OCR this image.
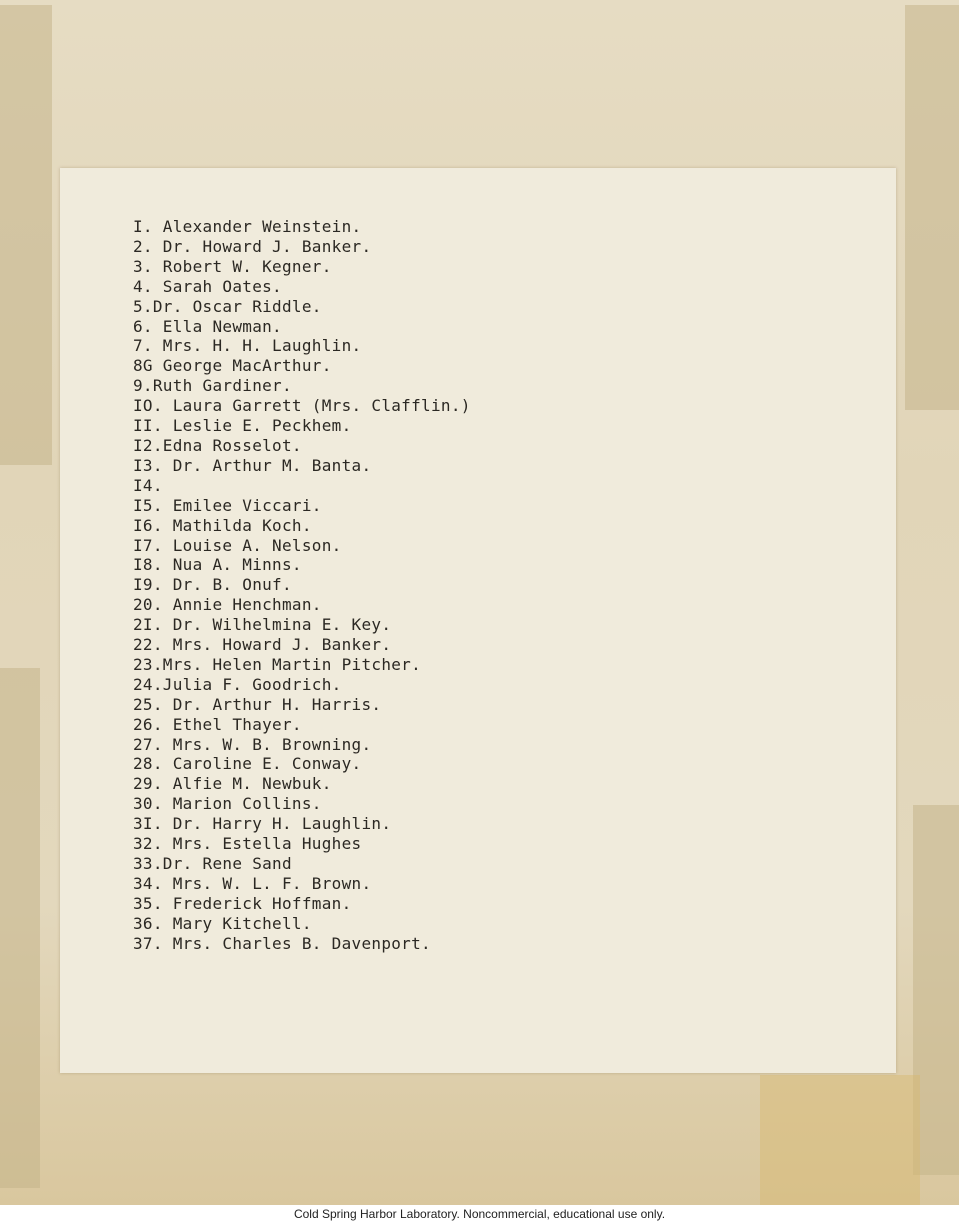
I. Alexander Weinstein.
2. Dr. Howard J. Banker.
3. Robert W. Kegner.
4. Sarah Oates.
5.Dr. Oscar Riddle.
6. Ella Newman.
7. Mrs. H. H. Laughlin.
8G George MacArthur.
9.Ruth Gardiner.
IO. Laura Garrett (Mrs. Clafflin.)
II. Leslie E. Peckhem.
I2.Edna Rosselot.
I3. Dr. Arthur M. Banta.
I4.
I5. Emilee Viccari.
I6. Mathilda Koch.
I7. Louise A. Nelson.
I8. Nua A. Minns.
I9. Dr. B. Onuf.
20. Annie Henchman.
2I. Dr. Wilhelmina E. Key.
22. Mrs. Howard J. Banker.
23.Mrs. Helen Martin Pitcher.
24.Julia F. Goodrich.
25. Dr. Arthur H. Harris.
26. Ethel Thayer.
27. Mrs. W. B. Browning.
28. Caroline E. Conway.
29. Alfie M. Newbuk.
30. Marion Collins.
3I. Dr. Harry H. Laughlin.
32. Mrs. Estella Hughes
33.Dr. Rene Sand
34. Mrs. W. L. F. Brown.
35. Frederick Hoffman.
36. Mary Kitchell.
37. Mrs. Charles B. Davenport.
Cold Spring Harbor Laboratory. Noncommercial, educational use only.
